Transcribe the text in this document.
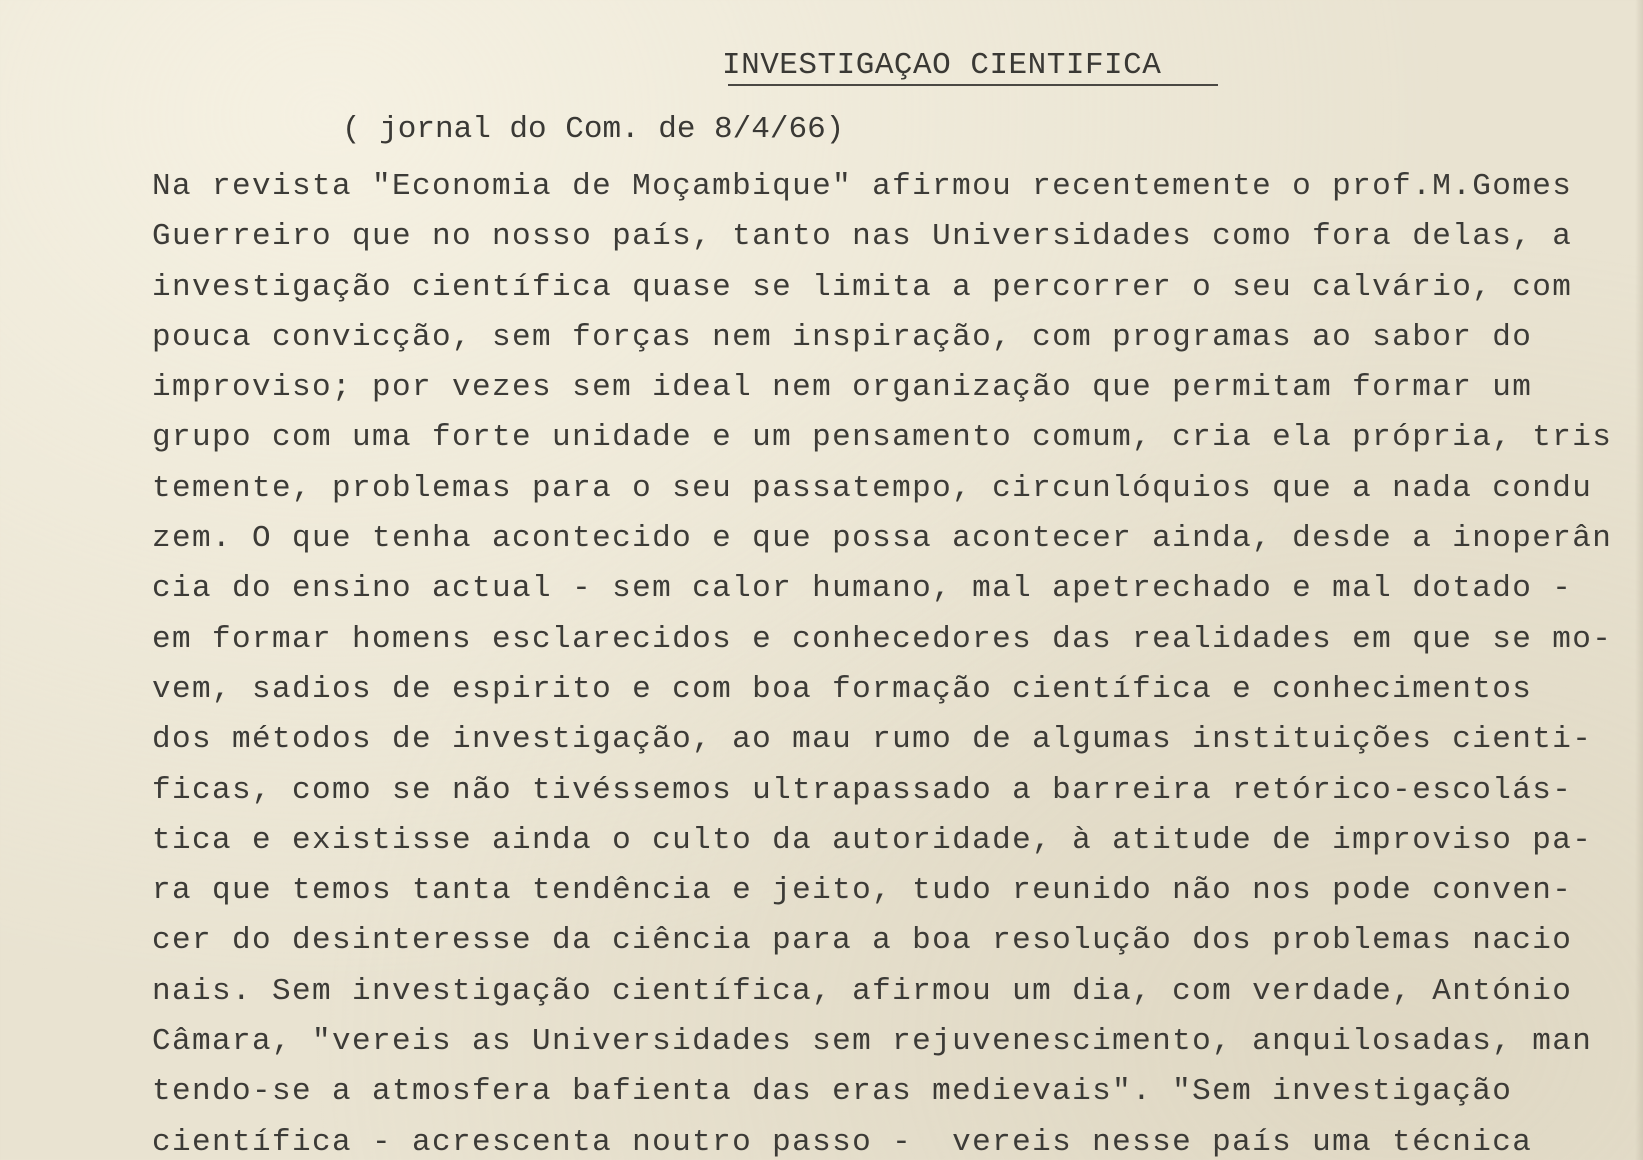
INVESTIGAÇAO CIENTIFICA
( jornal do Com. de 8/4/66)
Na revista "Economia de Moçambique" afirmou recentemente o prof.M.Gomes
Guerreiro que no nosso país, tanto nas Universidades como fora delas, a
investigação científica quase se limita a percorrer o seu calvário, com
pouca convicção, sem forças nem inspiração, com programas ao sabor do
improviso; por vezes sem ideal nem organização que permitam formar um
grupo com uma forte unidade e um pensamento comum, cria ela própria, tris
temente, problemas para o seu passatempo, circunlóquios que a nada condu
zem. O que tenha acontecido e que possa acontecer ainda, desde a inoperân
cia do ensino actual - sem calor humano, mal apetrechado e mal dotado -
em formar homens esclarecidos e conhecedores das realidades em que se mo-
vem, sadios de espirito e com boa formação científica e conhecimentos
dos métodos de investigação, ao mau rumo de algumas instituições cienti-
ficas, como se não tivéssemos ultrapassado a barreira retórico-escolás-
tica e existisse ainda o culto da autoridade, à atitude de improviso pa-
ra que temos tanta tendência e jeito, tudo reunido não nos pode conven-
cer do desinteresse da ciência para a boa resolução dos problemas nacio
nais. Sem investigação científica, afirmou um dia, com verdade, António
Câmara, "vereis as Universidades sem rejuvenescimento, anquilosadas, man
tendo-se a atmosfera bafienta das eras medievais". "Sem investigação
científica - acrescenta noutro passo -  vereis nesse país uma técnica
